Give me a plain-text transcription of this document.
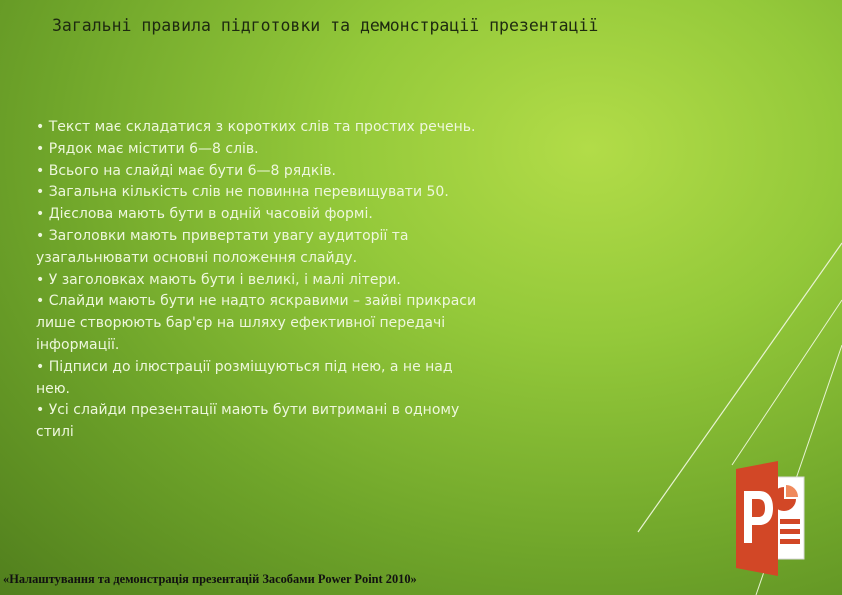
Загальні правила підготовки та демонстрації презентації
• Текст має складатися з коротких слів та простих речень.
• Рядок має містити 6—8 слів.
• Всього на слайді має бути 6—8 рядків.
• Загальна кількість слів не повинна перевищувати 50.
• Дієслова мають бути в одній часовій формі.
• Заголовки мають привертати увагу аудиторії та узагальнювати основні положення слайду.
• У заголовках мають бути і великі, і малі літери.
• Слайди мають бути не надто яскравими – зайві прикраси лише створюють бар'єр на шляху ефективної передачі інформації.
• Підписи до ілюстрації розміщуються під нею, а не над нею.
• Усі слайди презентації мають бути витримані в одному стилі

«Налаштування та демонстрація презентацій Засобами Power Point 2010»
